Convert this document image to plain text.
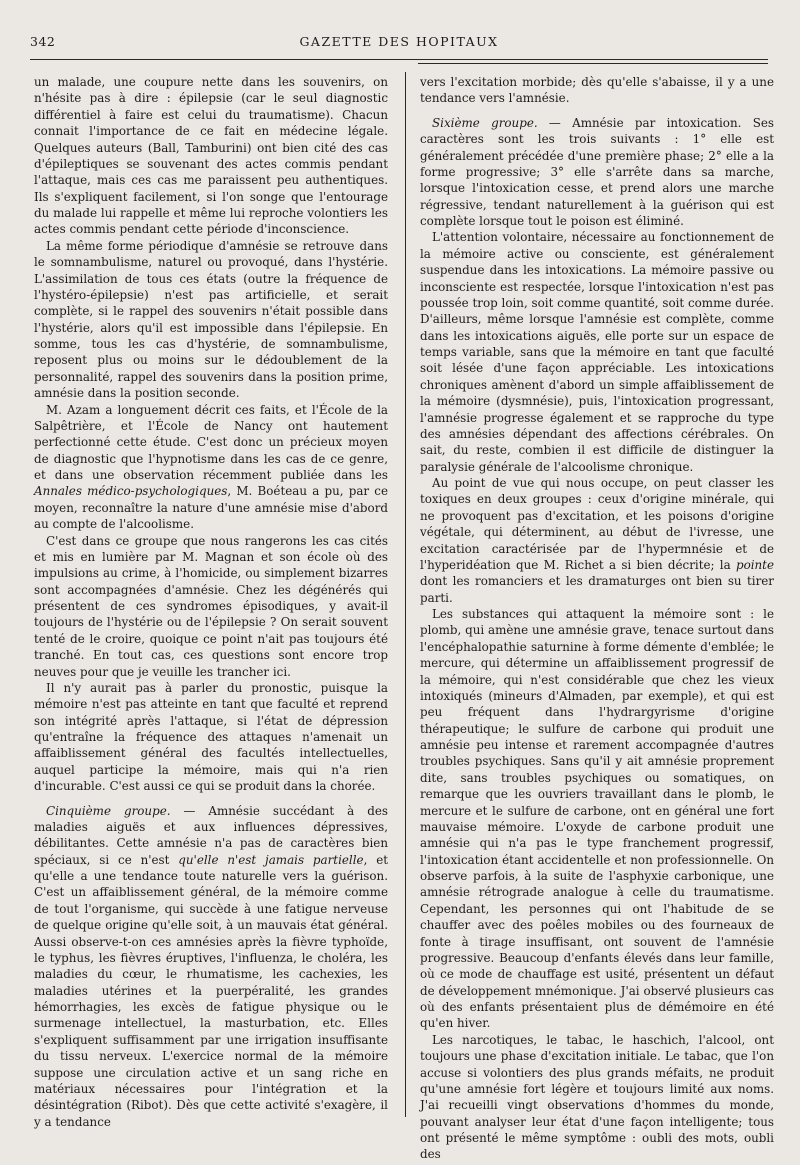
342	GAZETTE DES HOPITAUX

un malade, une coupure nette dans les souvenirs, on n'hésite pas à dire : épilepsie (car le seul diagnostic différentiel à faire est celui du traumatisme). Chacun connait l'importance de ce fait en médecine légale. Quelques auteurs (Ball, Tamburini) ont bien cité des cas d'épileptiques se souvenant des actes commis pendant l'attaque, mais ces cas me paraissent peu authentiques. Ils s'expliquent facilement, si l'on songe que l'entourage du malade lui rappelle et même lui reproche volontiers les actes commis pendant cette période d'inconscience.

La même forme périodique d'amnésie se retrouve dans le somnambulisme, naturel ou provoqué, dans l'hystérie. L'assimilation de tous ces états (outre la fréquence de l'hystéro-épilepsie) n'est pas artificielle, et serait complète, si le rappel des souvenirs n'était possible dans l'hystérie, alors qu'il est impossible dans l'épilepsie. En somme, tous les cas d'hystérie, de somnambulisme, reposent plus ou moins sur le dédoublement de la personnalité, rappel des souvenirs dans la position prime, amnésie dans la position seconde.

M. Azam a longuement décrit ces faits, et l'École de la Salpêtrière, et l'École de Nancy ont hautement perfectionné cette étude. C'est donc un précieux moyen de diagnostic que l'hypnotisme dans les cas de ce genre, et dans une observation récemment publiée dans les Annales médico-psychologiques, M. Boéteau a pu, par ce moyen, reconnaître la nature d'une amnésie mise d'abord au compte de l'alcoolisme.

C'est dans ce groupe que nous rangerons les cas cités et mis en lumière par M. Magnan et son école où des impulsions au crime, à l'homicide, ou simplement bizarres sont accompagnées d'amnésie. Chez les dégénérés qui présentent de ces syndromes épisodiques, y avait-il toujours de l'hystérie ou de l'épilepsie ? On serait souvent tenté de le croire, quoique ce point n'ait pas toujours été tranché. En tout cas, ces questions sont encore trop neuves pour que je veuille les trancher ici.

Il n'y aurait pas à parler du pronostic, puisque la mémoire n'est pas atteinte en tant que faculté et reprend son intégrité après l'attaque, si l'état de dépression qu'entraîne la fréquence des attaques n'amenait un affaiblissement général des facultés intellectuelles, auquel participe la mémoire, mais qui n'a rien d'incurable. C'est aussi ce qui se produit dans la chorée.

Cinquième groupe. — Amnésie succédant à des maladies aiguës et aux influences dépressives, débilitantes. Cette amnésie n'a pas de caractères bien spéciaux, si ce n'est qu'elle n'est jamais partielle, et qu'elle a une tendance toute naturelle vers la guérison. C'est un affaiblissement général, de la mémoire comme de tout l'organisme, qui succède à une fatigue nerveuse de quelque origine qu'elle soit, à un mauvais état général. Aussi observe-t-on ces amnésies après la fièvre typhoïde, le typhus, les fièvres éruptives, l'influenza, le choléra, les maladies du cœur, le rhumatisme, les cachexies, les maladies utérines et la puerpéralité, les grandes hémorrhagies, les excès de fatigue physique ou le surmenage intellectuel, la masturbation, etc. Elles s'expliquent suffisamment par une irrigation insuffisante du tissu nerveux. L'exercice normal de la mémoire suppose une circulation active et un sang riche en matériaux nécessaires pour l'intégration et la désintégration (Ribot). Dès que cette activité s'exagère, il y a tendance

vers l'excitation morbide; dès qu'elle s'abaisse, il y a une tendance vers l'amnésie.

Sixième groupe. — Amnésie par intoxication. Ses caractères sont les trois suivants : 1° elle est généralement précédée d'une première phase; 2° elle a la forme progressive; 3° elle s'arrête dans sa marche, lorsque l'intoxication cesse, et prend alors une marche régressive, tendant naturellement à la guérison qui est complète lorsque tout le poison est éliminé.

L'attention volontaire, nécessaire au fonctionnement de la mémoire active ou consciente, est généralement suspendue dans les intoxications. La mémoire passive ou inconsciente est respectée, lorsque l'intoxication n'est pas poussée trop loin, soit comme quantité, soit comme durée. D'ailleurs, même lorsque l'amnésie est complète, comme dans les intoxications aiguës, elle porte sur un espace de temps variable, sans que la mémoire en tant que faculté soit lésée d'une façon appréciable. Les intoxications chroniques amènent d'abord un simple affaiblissement de la mémoire (dysmnésie), puis, l'intoxication progressant, l'amnésie progresse également et se rapproche du type des amnésies dépendant des affections cérébrales. On sait, du reste, combien il est difficile de distinguer la paralysie générale de l'alcoolisme chronique.

Au point de vue qui nous occupe, on peut classer les toxiques en deux groupes : ceux d'origine minérale, qui ne provoquent pas d'excitation, et les poisons d'origine végétale, qui déterminent, au début de l'ivresse, une excitation caractérisée par de l'hypermnésie et de l'hyperidéation que M. Richet a si bien décrite; la pointe dont les romanciers et les dramaturges ont bien su tirer parti.

Les substances qui attaquent la mémoire sont : le plomb, qui amène une amnésie grave, tenace surtout dans l'encéphalopathie saturnine à forme démente d'emblée; le mercure, qui détermine un affaiblissement progressif de la mémoire, qui n'est considérable que chez les vieux intoxiqués (mineurs d'Almaden, par exemple), et qui est peu fréquent dans l'hydrargyrisme d'origine thérapeutique; le sulfure de carbone qui produit une amnésie peu intense et rarement accompagnée d'autres troubles psychiques. Sans qu'il y ait amnésie proprement dite, sans troubles psychiques ou somatiques, on remarque que les ouvriers travaillant dans le plomb, le mercure et le sulfure de carbone, ont en général une fort mauvaise mémoire. L'oxyde de carbone produit une amnésie qui n'a pas le type franchement progressif, l'intoxication étant accidentelle et non professionnelle. On observe parfois, à la suite de l'asphyxie carbonique, une amnésie rétrograde analogue à celle du traumatisme. Cependant, les personnes qui ont l'habitude de se chauffer avec des poêles mobiles ou des fourneaux de fonte à tirage insuffisant, ont souvent de l'amnésie progressive. Beaucoup d'enfants élevés dans leur famille, où ce mode de chauffage est usité, présentent un défaut de développement mnémonique. J'ai observé plusieurs cas où des enfants présentaient plus de démémoire en été qu'en hiver.

Les narcotiques, le tabac, le haschich, l'alcool, ont toujours une phase d'excitation initiale. Le tabac, que l'on accuse si volontiers des plus grands méfaits, ne produit qu'une amnésie fort légère et toujours limité aux noms. J'ai recueilli vingt observations d'hommes du monde, pouvant analyser leur état d'une façon intelligente; tous ont présenté le même symptôme : oubli des mots, oubli des
